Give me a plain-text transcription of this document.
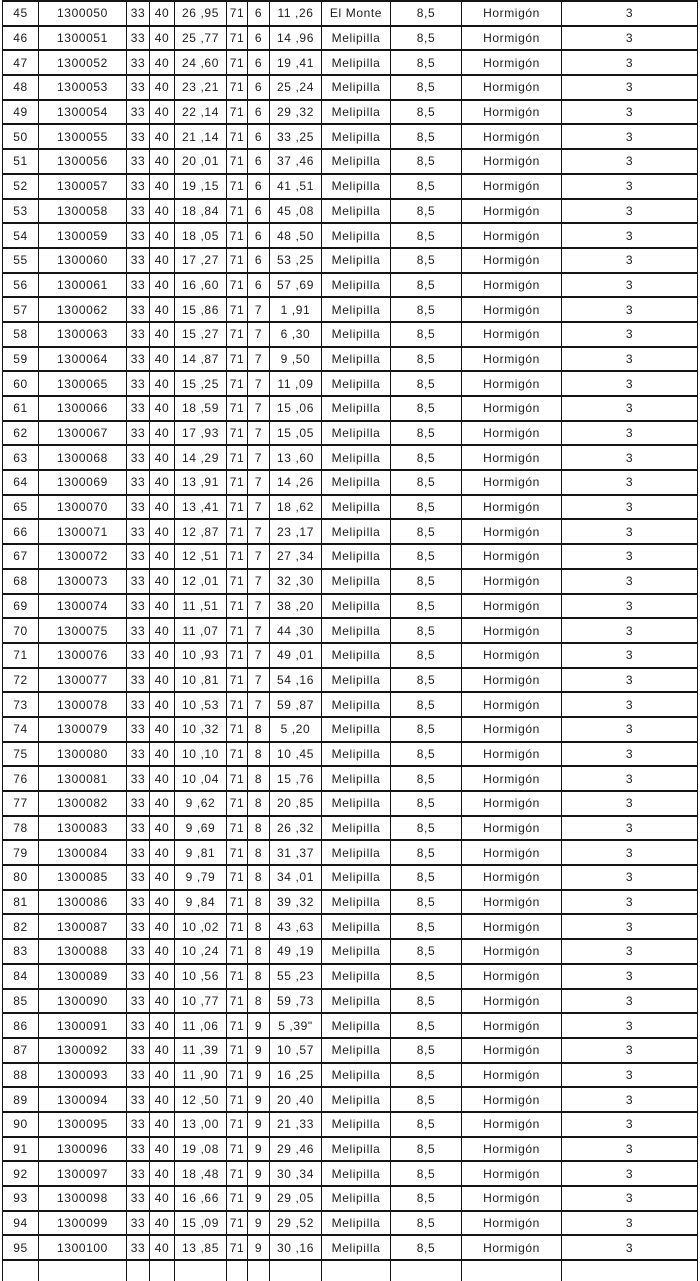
45	1300050	33	40	26 ,95	71	6	11 ,26	El Monte	8,5	Hormigón	3
46	1300051	33	40	25 ,77	71	6	14 ,96	Melipilla	8,5	Hormigón	3
47	1300052	33	40	24 ,60	71	6	19 ,41	Melipilla	8,5	Hormigón	3
48	1300053	33	40	23 ,21	71	6	25 ,24	Melipilla	8,5	Hormigón	3
49	1300054	33	40	22 ,14	71	6	29 ,32	Melipilla	8,5	Hormigón	3
50	1300055	33	40	21 ,14	71	6	33 ,25	Melipilla	8,5	Hormigón	3
51	1300056	33	40	20 ,01	71	6	37 ,46	Melipilla	8,5	Hormigón	3
52	1300057	33	40	19 ,15	71	6	41 ,51	Melipilla	8,5	Hormigón	3
53	1300058	33	40	18 ,84	71	6	45 ,08	Melipilla	8,5	Hormigón	3
54	1300059	33	40	18 ,05	71	6	48 ,50	Melipilla	8,5	Hormigón	3
55	1300060	33	40	17 ,27	71	6	53 ,25	Melipilla	8,5	Hormigón	3
56	1300061	33	40	16 ,60	71	6	57 ,69	Melipilla	8,5	Hormigón	3
57	1300062	33	40	15 ,86	71	7	1 ,91	Melipilla	8,5	Hormigón	3
58	1300063	33	40	15 ,27	71	7	6 ,30	Melipilla	8,5	Hormigón	3
59	1300064	33	40	14 ,87	71	7	9 ,50	Melipilla	8,5	Hormigón	3
60	1300065	33	40	15 ,25	71	7	11 ,09	Melipilla	8,5	Hormigón	3
61	1300066	33	40	18 ,59	71	7	15 ,06	Melipilla	8,5	Hormigón	3
62	1300067	33	40	17 ,93	71	7	15 ,05	Melipilla	8,5	Hormigón	3
63	1300068	33	40	14 ,29	71	7	13 ,60	Melipilla	8,5	Hormigón	3
64	1300069	33	40	13 ,91	71	7	14 ,26	Melipilla	8,5	Hormigón	3
65	1300070	33	40	13 ,41	71	7	18 ,62	Melipilla	8,5	Hormigón	3
66	1300071	33	40	12 ,87	71	7	23 ,17	Melipilla	8,5	Hormigón	3
67	1300072	33	40	12 ,51	71	7	27 ,34	Melipilla	8,5	Hormigón	3
68	1300073	33	40	12 ,01	71	7	32 ,30	Melipilla	8,5	Hormigón	3
69	1300074	33	40	11 ,51	71	7	38 ,20	Melipilla	8,5	Hormigón	3
70	1300075	33	40	11 ,07	71	7	44 ,30	Melipilla	8,5	Hormigón	3
71	1300076	33	40	10 ,93	71	7	49 ,01	Melipilla	8,5	Hormigón	3
72	1300077	33	40	10 ,81	71	7	54 ,16	Melipilla	8,5	Hormigón	3
73	1300078	33	40	10 ,53	71	7	59 ,87	Melipilla	8,5	Hormigón	3
74	1300079	33	40	10 ,32	71	8	5 ,20	Melipilla	8,5	Hormigón	3
75	1300080	33	40	10 ,10	71	8	10 ,45	Melipilla	8,5	Hormigón	3
76	1300081	33	40	10 ,04	71	8	15 ,76	Melipilla	8,5	Hormigón	3
77	1300082	33	40	9 ,62	71	8	20 ,85	Melipilla	8,5	Hormigón	3
78	1300083	33	40	9 ,69	71	8	26 ,32	Melipilla	8,5	Hormigón	3
79	1300084	33	40	9 ,81	71	8	31 ,37	Melipilla	8,5	Hormigón	3
80	1300085	33	40	9 ,79	71	8	34 ,01	Melipilla	8,5	Hormigón	3
81	1300086	33	40	9 ,84	71	8	39 ,32	Melipilla	8,5	Hormigón	3
82	1300087	33	40	10 ,02	71	8	43 ,63	Melipilla	8,5	Hormigón	3
83	1300088	33	40	10 ,24	71	8	49 ,19	Melipilla	8,5	Hormigón	3
84	1300089	33	40	10 ,56	71	8	55 ,23	Melipilla	8,5	Hormigón	3
85	1300090	33	40	10 ,77	71	8	59 ,73	Melipilla	8,5	Hormigón	3
86	1300091	33	40	11 ,06	71	9	5 ,39"	Melipilla	8,5	Hormigón	3
87	1300092	33	40	11 ,39	71	9	10 ,57	Melipilla	8,5	Hormigón	3
88	1300093	33	40	11 ,90	71	9	16 ,25	Melipilla	8,5	Hormigón	3
89	1300094	33	40	12 ,50	71	9	20 ,40	Melipilla	8,5	Hormigón	3
90	1300095	33	40	13 ,00	71	9	21 ,33	Melipilla	8,5	Hormigón	3
91	1300096	33	40	19 ,08	71	9	29 ,46	Melipilla	8,5	Hormigón	3
92	1300097	33	40	18 ,48	71	9	30 ,34	Melipilla	8,5	Hormigón	3
93	1300098	33	40	16 ,66	71	9	29 ,05	Melipilla	8,5	Hormigón	3
94	1300099	33	40	15 ,09	71	9	29 ,52	Melipilla	8,5	Hormigón	3
95	1300100	33	40	13 ,85	71	9	30 ,16	Melipilla	8,5	Hormigón	3
